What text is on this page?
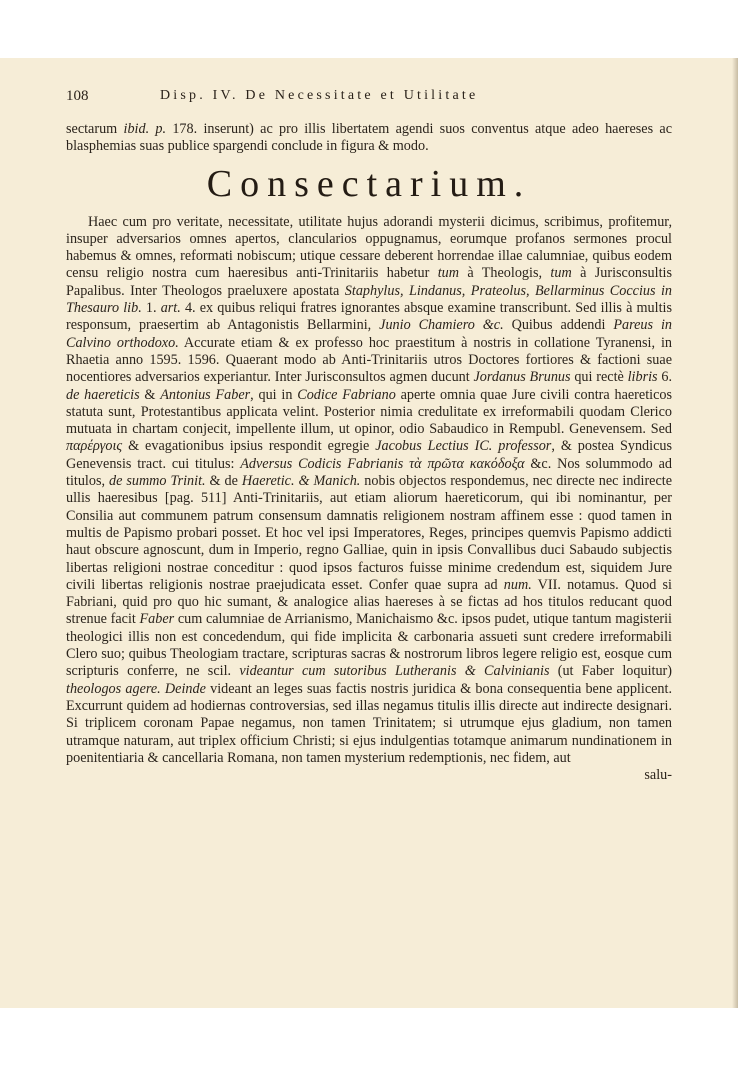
108	Disp. IV. De Necessitate et Utilitate

sectarum ibid. p. 178. inserunt) ac pro illis libertatem agendi suos conventus atque adeo haereses ac blasphemias suas publice spargendi conclude in figura & modo.

Consectarium.

Haec cum pro veritate, necessitate, utilitate hujus adorandi mysterii dicimus, scribimus, profitemur, insuper adversarios omnes apertos, clancularios oppugnamus, eorumque profanos sermones procul habemus & omnes, reformati nobiscum; utique cessare deberent horrendae illae calumniae, quibus eodem censu religio nostra cum haeresibus anti-Trinitariis habetur tum à Theologis, tum à Jurisconsultis Papalibus. Inter Theologos praeluxere apostata Staphylus, Lindanus, Prateolus, Bellarminus Coccius in Thesauro lib. 1. art. 4. ex quibus reliqui fratres ignorantes absque examine transcribunt. Sed illis à multis responsum, praesertim ab Antagonistis Bellarmini, Junio Chamiero &c. Quibus addendi Pareus in Calvino orthodoxo. Accurate etiam & ex professo hoc praestitum à nostris in collatione Tyranensi, in Rhaetia anno 1595. 1596. Quaerant modo ab Anti-Trinitariis utros Doctores fortiores & factioni suae nocentiores adversarios experiantur. Inter Jurisconsultos agmen ducunt Jordanus Brunus qui rectè libris 6. de haereticis & Antonius Faber, qui in Codice Fabriano aperte omnia quae Jure civili contra haereticos statuta sunt, Protestantibus applicata velint. Posterior nimia credulitate ex irreformabili quodam Clerico mutuata in chartam conjecit, impellente illum, ut opinor, odio Sabaudico in Rempubl. Genevensem. Sed παρέργοις & evagationibus ipsius respondit egregie Jacobus Lectius IC. professor, & postea Syndicus Genevensis tract. cui titulus: Adversus Codicis Fabrianis τὰ πρῶτα κακόδοξα &c. Nos solummodo ad titulos, de summo Trinit. & de Haeretic. & Manich. nobis objectos respondemus, nec directe nec indirecte ullis haeresibus [pag. 511] Anti-Trinitariis, aut etiam aliorum haereticorum, qui ibi nominantur, per Consilia aut communem patrum consensum damnatis religionem nostram affinem esse : quod tamen in multis de Papismo probari posset. Et hoc vel ipsi Imperatores, Reges, principes quemvis Papismo addicti haut obscure agnoscunt, dum in Imperio, regno Galliae, quin in ipsis Convallibus duci Sabaudo subjectis libertas religioni nostrae conceditur : quod ipsos facturos fuisse minime credendum est, siquidem Jure civili libertas religionis nostrae praejudicata esset. Confer quae supra ad num. VII. notamus. Quod si Fabriani, quid pro quo hic sumant, & analogice alias haereses à se fictas ad hos titulos reducant quod strenue facit Faber cum calumniae de Arrianismo, Manichaismo &c. ipsos pudet, utique tantum magisterii theologici illis non est concedendum, qui fide implicita & carbonaria assueti sunt credere irreformabili Clero suo; quibus Theologiam tractare, scripturas sacras & nostrorum libros legere religio est, eosque cum scripturis conferre, ne scil. videantur cum sutoribus Lutheranis & Calvinianis (ut Faber loquitur) theologos agere. Deinde videant an leges suas factis nostris juridica & bona consequentia bene applicent. Excurrunt quidem ad hodiernas controversias, sed illas negamus titulis illis directe aut indirecte designari. Si triplicem coronam Papae negamus, non tamen Trinitatem; si utrumque ejus gladium, non tamen utramque naturam, aut triplex officium Christi; si ejus indulgentias totamque animarum nundinationem in poenitentiaria & cancellaria Romana, non tamen mysterium redemptionis, nec fidem, aut

salu-
